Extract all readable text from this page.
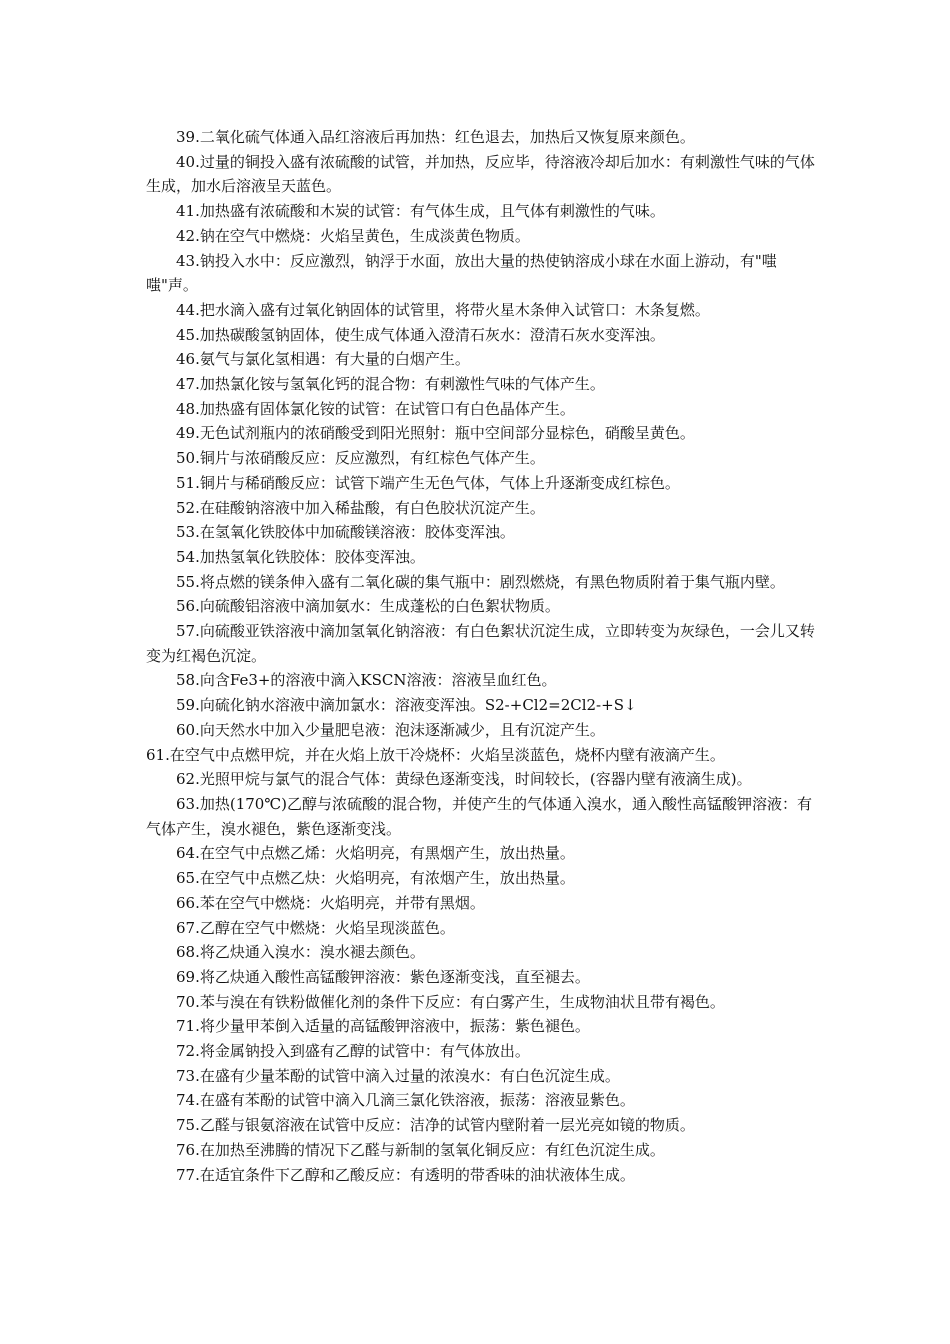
39.二氧化硫气体通入品红溶液后再加热：红色退去，加热后又恢复原来颜色。

40.过量的铜投入盛有浓硫酸的试管，并加热，反应毕，待溶液冷却后加水：有刺激性气味的气体生成，加水后溶液呈天蓝色。

41.加热盛有浓硫酸和木炭的试管：有气体生成，且气体有刺激性的气味。

42.钠在空气中燃烧：火焰呈黄色，生成淡黄色物质。

43.钠投入水中：反应激烈，钠浮于水面，放出大量的热使钠溶成小球在水面上游动，有"嗤嗤"声。

44.把水滴入盛有过氧化钠固体的试管里，将带火星木条伸入试管口：木条复燃。

45.加热碳酸氢钠固体，使生成气体通入澄清石灰水：澄清石灰水变浑浊。

46.氨气与氯化氢相遇：有大量的白烟产生。

47.加热氯化铵与氢氧化钙的混合物：有刺激性气味的气体产生。

48.加热盛有固体氯化铵的试管：在试管口有白色晶体产生。

49.无色试剂瓶内的浓硝酸受到阳光照射：瓶中空间部分显棕色，硝酸呈黄色。

50.铜片与浓硝酸反应：反应激烈，有红棕色气体产生。

51.铜片与稀硝酸反应：试管下端产生无色气体，气体上升逐渐变成红棕色。

52.在硅酸钠溶液中加入稀盐酸，有白色胶状沉淀产生。

53.在氢氧化铁胶体中加硫酸镁溶液：胶体变浑浊。

54.加热氢氧化铁胶体：胶体变浑浊。

55.将点燃的镁条伸入盛有二氧化碳的集气瓶中：剧烈燃烧，有黑色物质附着于集气瓶内壁。

56.向硫酸铝溶液中滴加氨水：生成蓬松的白色絮状物质。

57.向硫酸亚铁溶液中滴加氢氧化钠溶液：有白色絮状沉淀生成，立即转变为灰绿色，一会儿又转变为红褐色沉淀。

58.向含Fe3+的溶液中滴入KSCN溶液：溶液呈血红色。

59.向硫化钠水溶液中滴加氯水：溶液变浑浊。S2-+Cl2=2Cl2-+S↓

60.向天然水中加入少量肥皂液：泡沫逐渐减少，且有沉淀产生。

61.在空气中点燃甲烷，并在火焰上放干冷烧杯：火焰呈淡蓝色，烧杯内壁有液滴产生。

62.光照甲烷与氯气的混合气体：黄绿色逐渐变浅，时间较长，(容器内壁有液滴生成)。

63.加热(170℃)乙醇与浓硫酸的混合物，并使产生的气体通入溴水，通入酸性高锰酸钾溶液：有气体产生，溴水褪色，紫色逐渐变浅。

64.在空气中点燃乙烯：火焰明亮，有黑烟产生，放出热量。

65.在空气中点燃乙炔：火焰明亮，有浓烟产生，放出热量。

66.苯在空气中燃烧：火焰明亮，并带有黑烟。

67.乙醇在空气中燃烧：火焰呈现淡蓝色。

68.将乙炔通入溴水：溴水褪去颜色。

69.将乙炔通入酸性高锰酸钾溶液：紫色逐渐变浅，直至褪去。

70.苯与溴在有铁粉做催化剂的条件下反应：有白雾产生，生成物油状且带有褐色。

71.将少量甲苯倒入适量的高锰酸钾溶液中，振荡：紫色褪色。

72.将金属钠投入到盛有乙醇的试管中：有气体放出。

73.在盛有少量苯酚的试管中滴入过量的浓溴水：有白色沉淀生成。

74.在盛有苯酚的试管中滴入几滴三氯化铁溶液，振荡：溶液显紫色。

75.乙醛与银氨溶液在试管中反应：洁净的试管内壁附着一层光亮如镜的物质。

76.在加热至沸腾的情况下乙醛与新制的氢氧化铜反应：有红色沉淀生成。

77.在适宜条件下乙醇和乙酸反应：有透明的带香味的油状液体生成。
